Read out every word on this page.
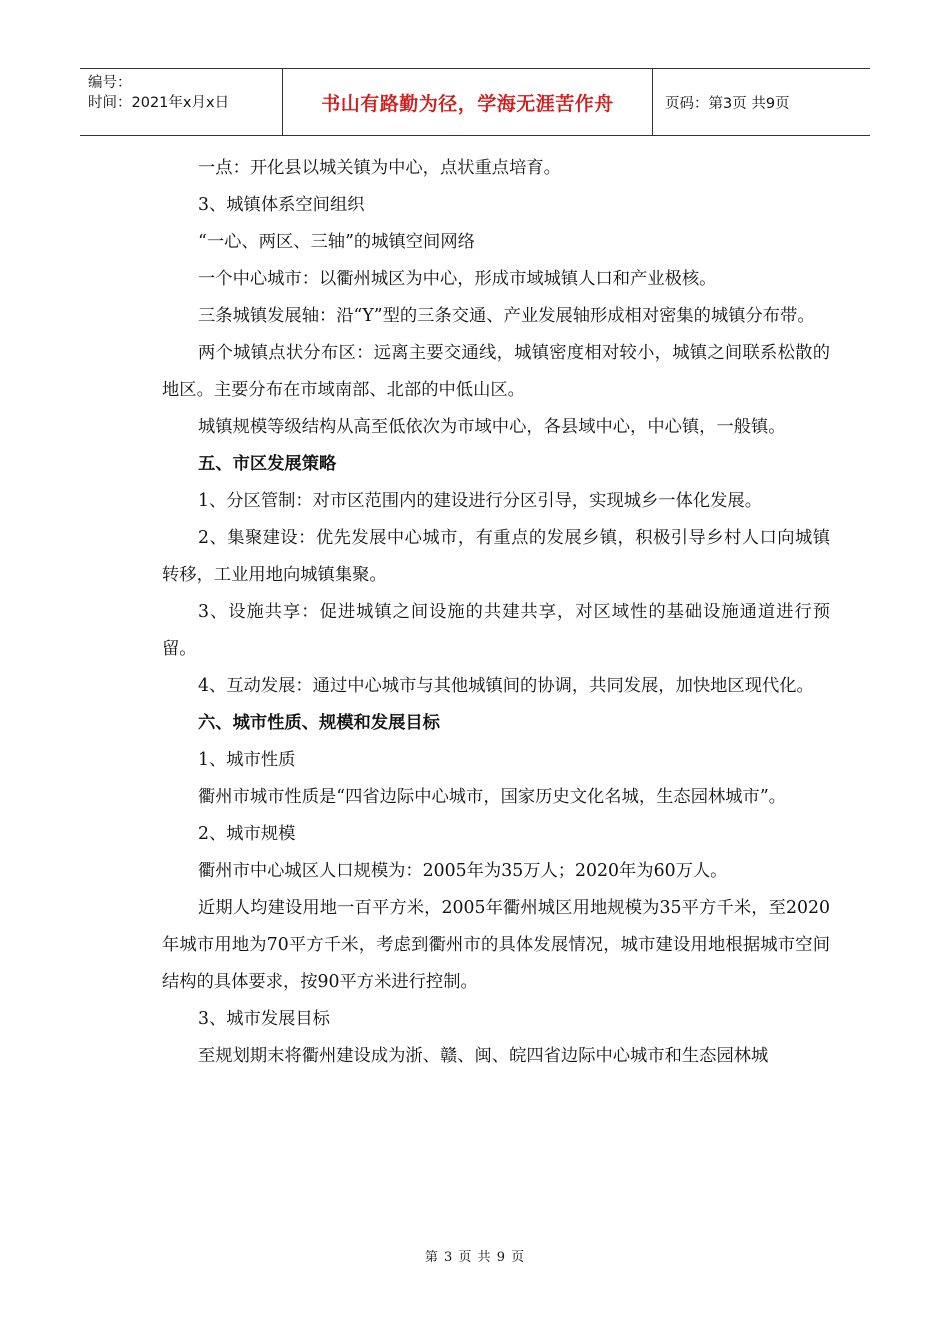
编号：
时间：2021年x月x日	书山有路勤为径，学海无涯苦作舟	页码：第3页 共9页

一点：开化县以城关镇为中心，点状重点培育。

3、城镇体系空间组织

“一心、两区、三轴”的城镇空间网络

一个中心城市：以衢州城区为中心，形成市域城镇人口和产业极核。

三条城镇发展轴：沿“Y”型的三条交通、产业发展轴形成相对密集的城镇分布带。

两个城镇点状分布区：远离主要交通线，城镇密度相对较小，城镇之间联系松散的地区。主要分布在市域南部、北部的中低山区。

城镇规模等级结构从高至低依次为市域中心，各县域中心，中心镇，一般镇。

五、市区发展策略

1、分区管制：对市区范围内的建设进行分区引导，实现城乡一体化发展。

2、集聚建设：优先发展中心城市，有重点的发展乡镇，积极引导乡村人口向城镇转移，工业用地向城镇集聚。

3、设施共享：促进城镇之间设施的共建共享，对区域性的基础设施通道进行预留。

4、互动发展：通过中心城市与其他城镇间的协调，共同发展，加快地区现代化。

六、城市性质、规模和发展目标

1、城市性质

衢州市城市性质是“四省边际中心城市，国家历史文化名城，生态园林城市”。

2、城市规模

衢州市中心城区人口规模为：2005年为35万人；2020年为60万人。

近期人均建设用地一百平方米，2005年衢州城区用地规模为35平方千米，至2020年城市用地为70平方千米，考虑到衢州市的具体发展情况，城市建设用地根据城市空间结构的具体要求，按90平方米进行控制。

3、城市发展目标

至规划期末将衢州建设成为浙、赣、闽、皖四省边际中心城市和生态园林城

第 3 页 共 9 页
